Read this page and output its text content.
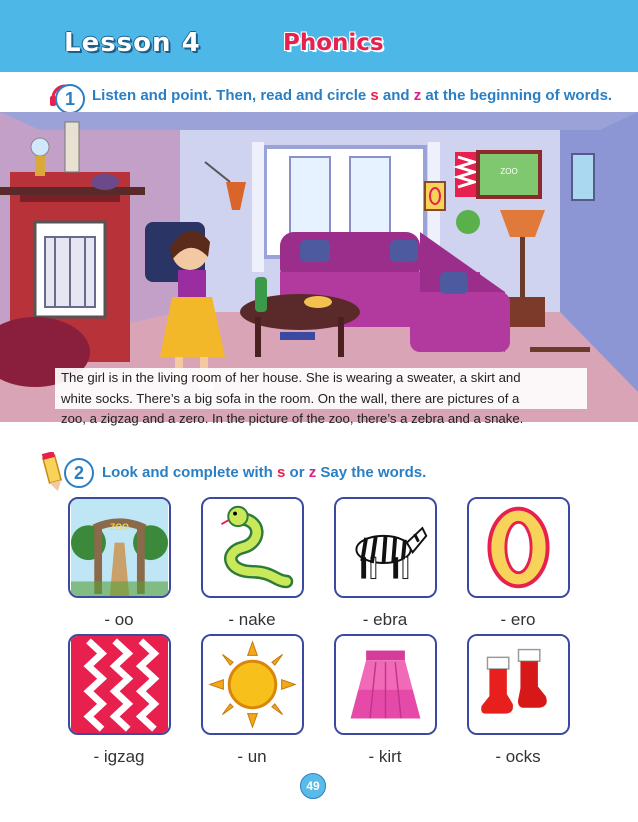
Lesson 4	Phonics
1	Listen and point. Then, read and circle s and z at the beginning of words.
ZOO
The girl is in the living room of her house. She is wearing a sweater, a skirt and
white socks. There’s a big sofa in the room. On the wall, there are pictures of a
zoo, a zigzag and a zero. In the picture of the zoo, there’s a zebra and a snake.
2	Look and complete with s or z Say the words.
ZOO
- oo	- nake	- ebra	- ero
- igzag	- un	- kirt	- ocks
49
